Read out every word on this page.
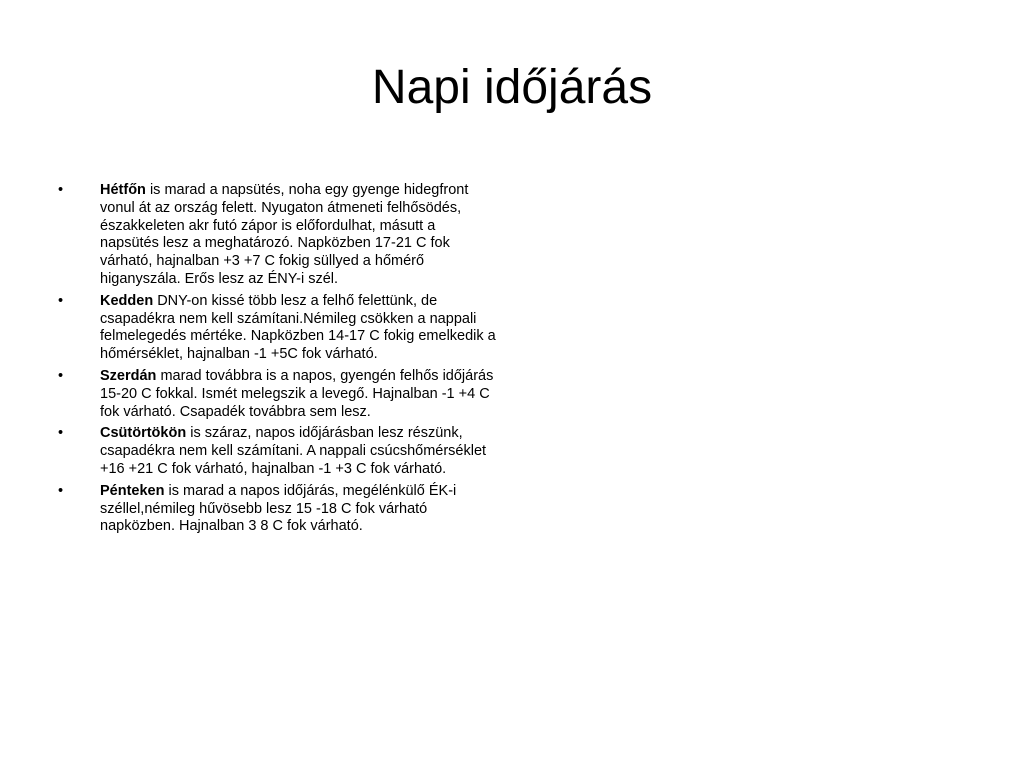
Napi időjárás
•	Hétfőn is marad a napsütés, noha egy gyenge hidegfront vonul át az ország felett. Nyugaton átmeneti felhősödés, északkeleten akr futó zápor is előfordulhat, másutt a napsütés lesz a meghatározó. Napközben 17-21 C fok várható, hajnalban +3 +7 C fokig süllyed a hőmérő higanyszála. Erős lesz az ÉNY-i szél.
•	Kedden DNY-on kissé több lesz a felhő felettünk, de csapadékra nem kell számítani.Némileg csökken a nappali felmelegedés mértéke. Napközben 14-17 C fokig emelkedik a hőmérséklet, hajnalban -1 +5C fok várható.
•	Szerdán marad továbbra is a napos, gyengén felhős időjárás 15-20 C fokkal. Ismét melegszik a levegő. Hajnalban -1 +4 C fok várható. Csapadék továbbra sem lesz.
•	Csütörtökön is száraz, napos időjárásban lesz részünk, csapadékra nem kell számítani. A nappali csúcshőmérséklet +16 +21 C fok várható, hajnalban -1 +3 C fok várható.
•	Pénteken is marad a napos időjárás, megélénkülő ÉK-i széllel,némileg hűvösebb lesz 15 -18 C fok várható napközben. Hajnalban 3 8 C fok várható.
